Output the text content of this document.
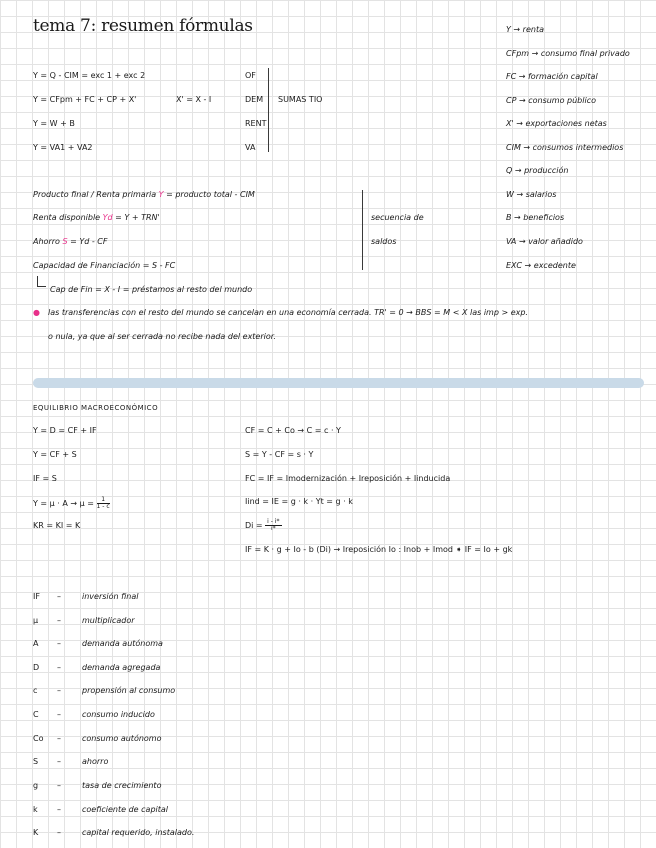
tema 7: resumen fórmulas	Y → renta
CFpm → consumo final privado
FC → formación capital
CP → consumo público
X' → exportaciones netas
CIM → consumos intermedios
Q → producción
W → salarios
B → beneficios
VA → valor añadido
EXC → excedente
Y = Q - CIM = exc 1 + exc 2
Y = CFpm + FC + CP + X'	X' = X - I
Y = W + B
Y = VA1 + VA2
OF
DEM
RENT
VA
SUMAS TIO
Producto final / Renta primaria Y = producto total - CIM
Renta disponible Yd = Y + TRN'
Ahorro S = Yd - CF
Capacidad de Financiación = S - FC
secuencia de
saldos
Cap de Fin = X - I = préstamos al resto del mundo
● las transferencias con el resto del mundo se cancelan en una economía cerrada. TR' = 0 → BBS = M < X las imp > exp.
o nula, ya que al ser cerrada no recibe nada del exterior.
EQUILIBRIO MACROECONÓMICO
Y = D = CF + IF
Y = CF + S
IF = S
$Y = \mu \cdot A \to \mu = \frac{1}{1 - c}$
KR = KI = K
CF = C + Co → C = c · Y
S = Y - CF = s · Y
FC = IF = Imodernización + Ireposición + Iinducida
Iind = IE = g · k · Yt = g · k
$Di = \frac{i - i*}{i*}$
IF = K · g + Io - b (Di) → Ireposición Io : Inob + Imod ➧ IF = Io + gk
IF –	inversión final
μ –	multiplicador
A –	demanda autónoma
D –	demanda agregada
c –	propensión al consumo
C –	consumo inducido
Co –	consumo autónomo
S –	ahorro
g –	tasa de crecimiento
k –	coeficiente de capital
K –	capital requerido, instalado.
